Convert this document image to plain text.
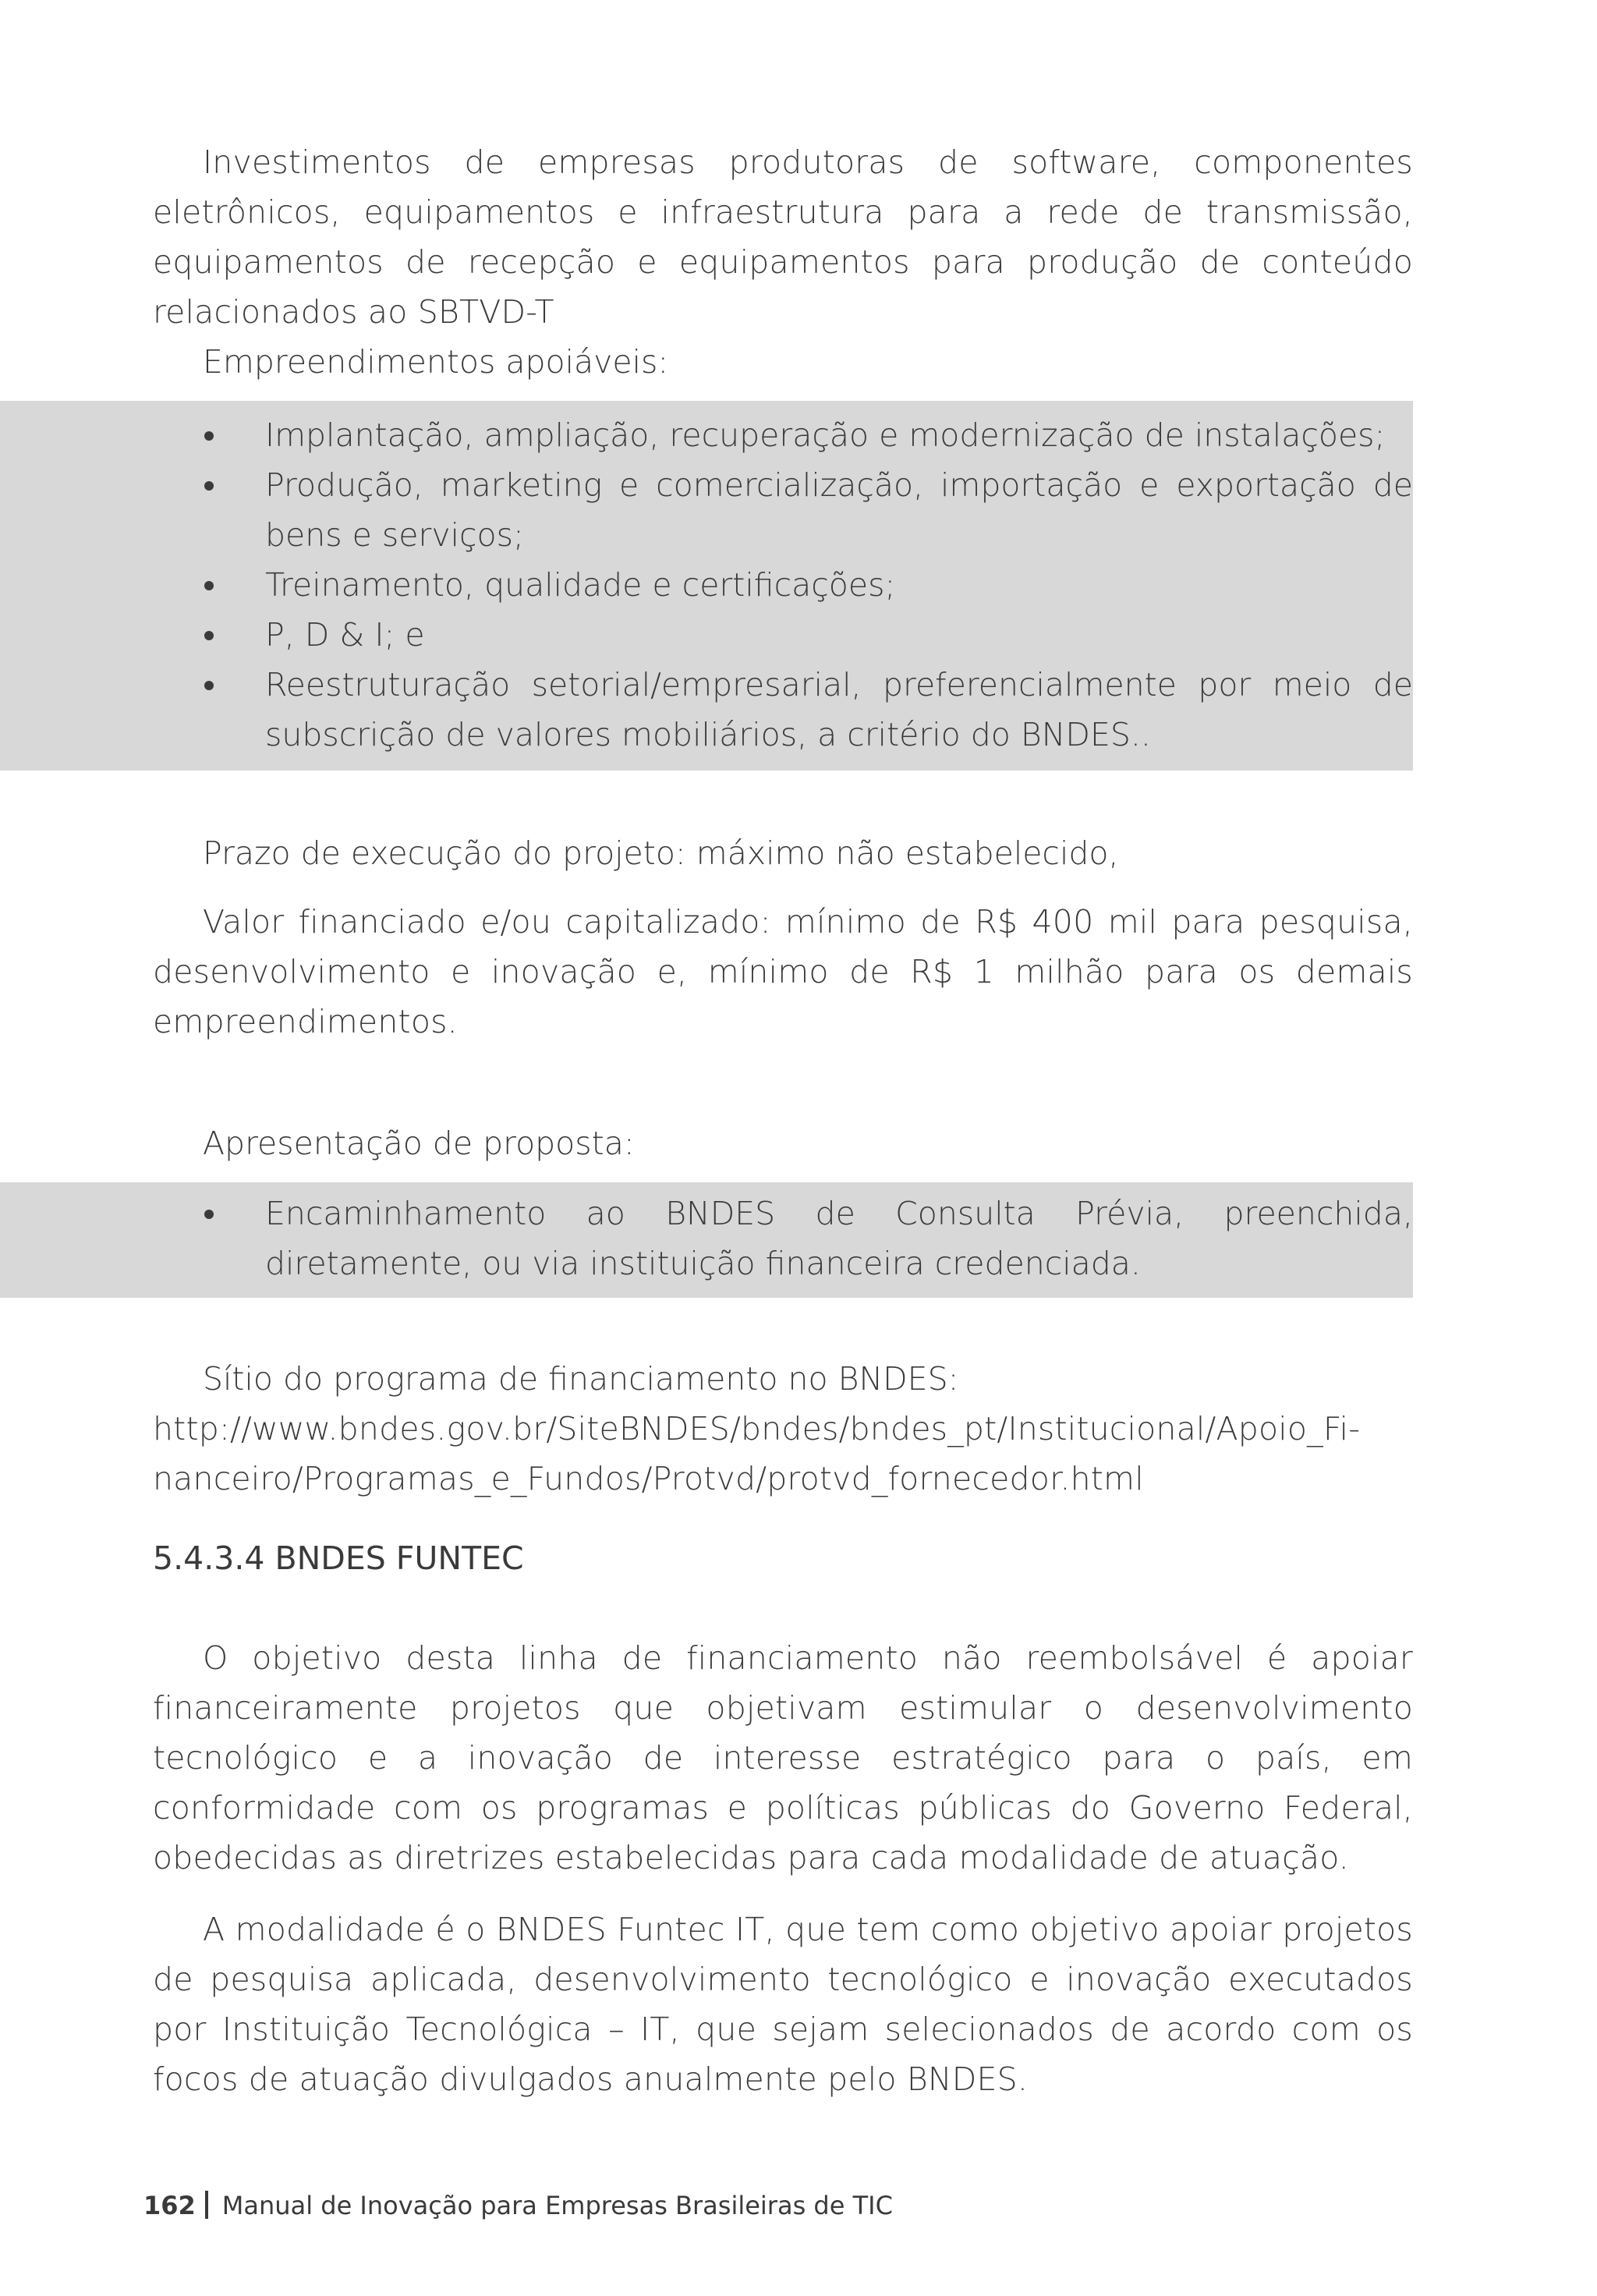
Investimentos de empresas produtoras de software, componentes eletrônicos, equipamentos e infraestrutura para a rede de transmissão, equipamentos de recepção e equipamentos para produção de conteúdo relacionados ao SBTVD-T

Empreendimentos apoiáveis:
Implantação, ampliação, recuperação e modernização de instalações;
Produção, marketing e comercialização, importação e exportação de bens e serviços;
Treinamento, qualidade e certificações;
P, D & I; e
Reestruturação setorial/empresarial, preferencialmente por meio de subscrição de valores mobiliários, a critério do BNDES..
Prazo de execução do projeto: máximo não estabelecido,

Valor financiado e/ou capitalizado: mínimo de R$ 400 mil para pesquisa, desenvolvimento e inovação e, mínimo de R$ 1 milhão para os demais empreendimentos.

Apresentação de proposta:
Encaminhamento ao BNDES de Consulta Prévia, preenchida, diretamente, ou via instituição financeira credenciada.
Sítio do programa de financiamento no BNDES:
http://www.bndes.gov.br/SiteBNDES/bndes/bndes_pt/Institucional/Apoio_Fi-
nanceiro/Programas_e_Fundos/Protvd/protvd_fornecedor.html
5.4.3.4 BNDES FUNTEC

O objetivo desta linha de financiamento não reembolsável é apoiar financeiramente projetos que objetivam estimular o desenvolvimento tecnológico e a inovação de interesse estratégico para o país, em conformidade com os programas e políticas públicas do Governo Federal, obedecidas as diretrizes estabelecidas para cada modalidade de atuação.

A modalidade é o BNDES Funtec IT, que tem como objetivo apoiar projetos de pesquisa aplicada, desenvolvimento tecnológico e inovação executados por Instituição Tecnológica – IT, que sejam selecionados de acordo com os focos de atuação divulgados anualmente pelo BNDES.

162 Manual de Inovação para Empresas Brasileiras de TIC
